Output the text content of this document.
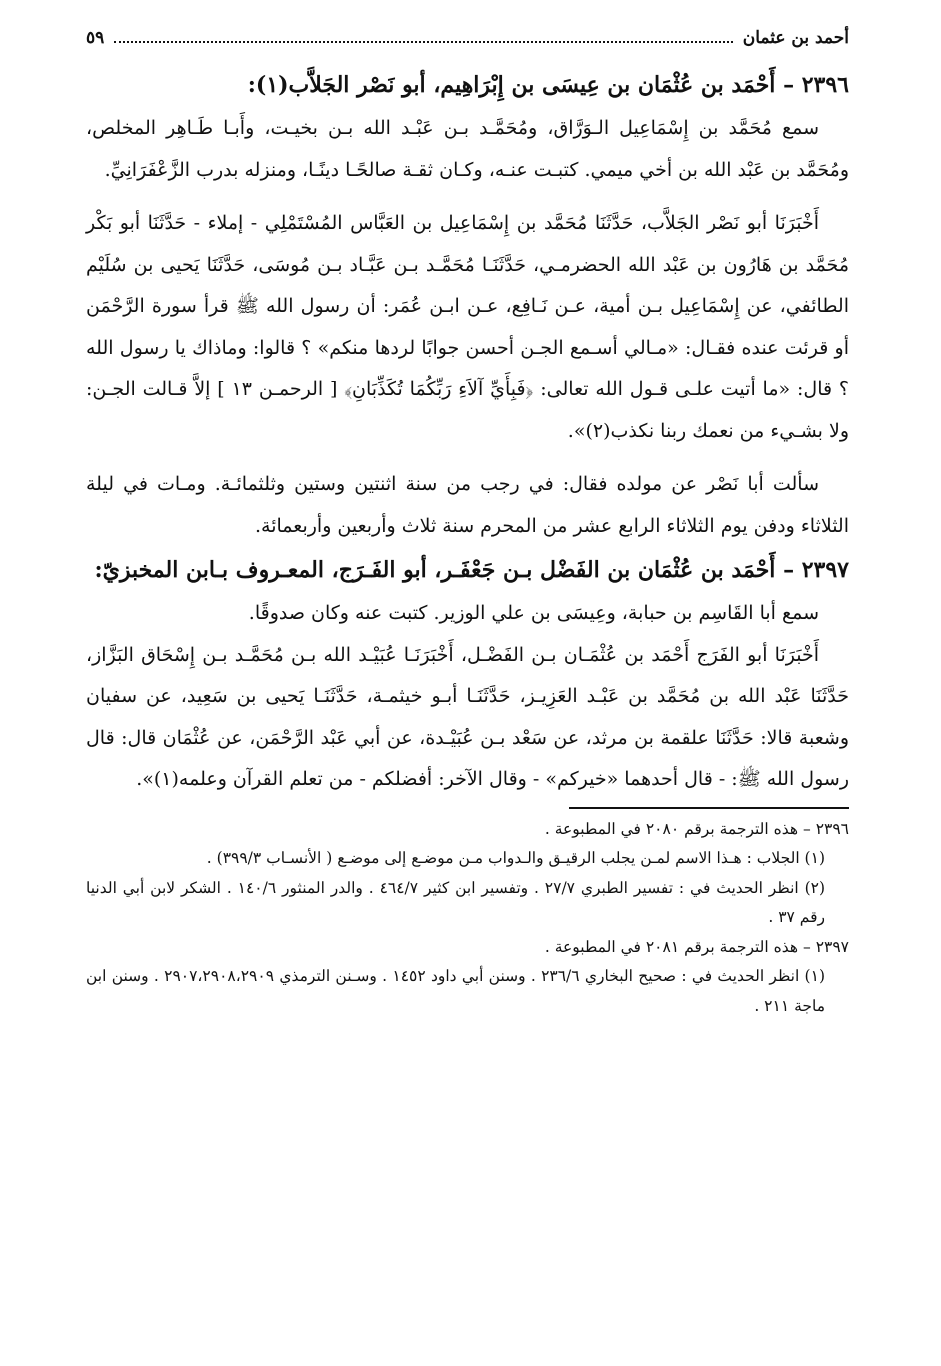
أحمد بن عثمان
٥٩
٢٣٩٦ – أَحْمَد بن عُثْمَان بن عِيسَى بن إِبْرَاهِيم، أبو نَصْر الجَلاَّب(١):

سمع مُحَمَّد بن إِسْمَاعِيل الـوَرَّاق، ومُحَمَّـد بـن عَبْـد الله بـن بخيـت، وأَبـا طَـاهِر المخلص، ومُحَمَّد بن عَبْد الله بن أخي ميمي. كتبـت عنـه، وكـان ثقـة صالحًـا دينًـا، ومنزله بدرب الزَّعْفَرَانِيِّ.

أَخْبَرَنَا أبو نَصْر الجَلاَّب، حَدَّثَنَا مُحَمَّد بن إِسْمَاعِيل بن العَبَّاس المُسْتَمْلِي - إملاء - حَدَّثَنَا أبو بَكْر مُحَمَّد بن هَارُون بن عَبْد الله الحضرمـي، حَدَّثَنَـا مُحَمَّـد بـن عَبَّـاد بـن مُوسَى، حَدَّثَنَا يَحيى بن سُلَيْم الطائفي، عن إِسْمَاعِيل بـن أمية، عـن نَـافِع، عـن ابـن عُمَر: أن رسول الله ﷺ قرأ سورة الرَّحْمَن أو قرئت عنده فقـال: «مـالي أسـمع الجـن أحسن جوابًا لردها منكم» ؟ قالوا: وماذاك يا رسول الله ؟ قال: «ما أتيت علـى قـول الله تعالى: ﴿فَبِأَيِّ آلاَءِ رَبِّكُمَا تُكَذِّبَانِ﴾ [ الرحمـن ١٣ ] إلاَّ قـالت الجـن: ولا بشـيء من نعمك ربنا نكذب(٢)».

سألت أبا نَصْر عن مولده فقال: في رجب من سنة اثنتين وستين وثلثمائـة. ومـات في ليلة الثلاثاء ودفن يوم الثلاثاء الرابع عشر من المحرم سنة ثلاث وأربعين وأربعمائة.

٢٣٩٧ – أَحْمَد بن عُثْمَان بن الفَضْل بـن جَعْفَـر، أبو الفَـرَج، المعـروف بـابن المخبزيّ:

سمع أبا القَاسِم بن حبابة، وعِيسَى بن علي الوزير. كتبت عنه وكان صدوقًا.

أَخْبَرَنَا أبو الفَرَج أَحْمَد بن عُثْمَـان بـن الفَضْـل، أَخْبَرَنَـا عُبَيْـد الله بـن مُحَمَّـد بـن إِسْحَاق البَزَّاز، حَدَّثَنَا عَبْد الله بن مُحَمَّد بن عَبْـد العَزِيـز، حَدَّثَنَـا أبـو خيثمـة، حَدَّثَنَـا يَحيى بن سَعِيد، عن سفيان وشعبة قالا: حَدَّثَنَا علقمة بن مرثد، عن سَعْد بـن عُبَيْـدة، عن أبي عَبْد الرَّحْمَن، عن عُثْمَان قال: قال رسول الله ﷺ: - قال أحدهما «خيركم» - وقال الآخر: أفضلكم - من تعلم القرآن وعلمه(١)».

٢٣٩٦ – هذه الترجمة برقم ٢٠٨٠ في المطبوعة .
(١) الجلاب : هـذا الاسم لمـن يجلب الرقيـق والـدواب مـن موضـع إلى موضـع ( الأنسـاب ٣٩٩/٣) .
(٢) انظر الحديث في : تفسير الطبري ٢٧/٧ . وتفسير ابن كثير ٤٦٤/٧ . والدر المنثور ١٤٠/٦ . الشكر لابن أبي الدنيا رقم ٣٧ .
٢٣٩٧ – هذه الترجمة برقم ٢٠٨١ في المطبوعة .
(١) انظر الحديث في : صحيح البخاري ٢٣٦/٦ . وسنن أبي داود ١٤٥٢ . وسـنن الترمذي ٢٩٠٧،٢٩٠٨،٢٩٠٩ . وسنن ابن ماجة ٢١١ .
